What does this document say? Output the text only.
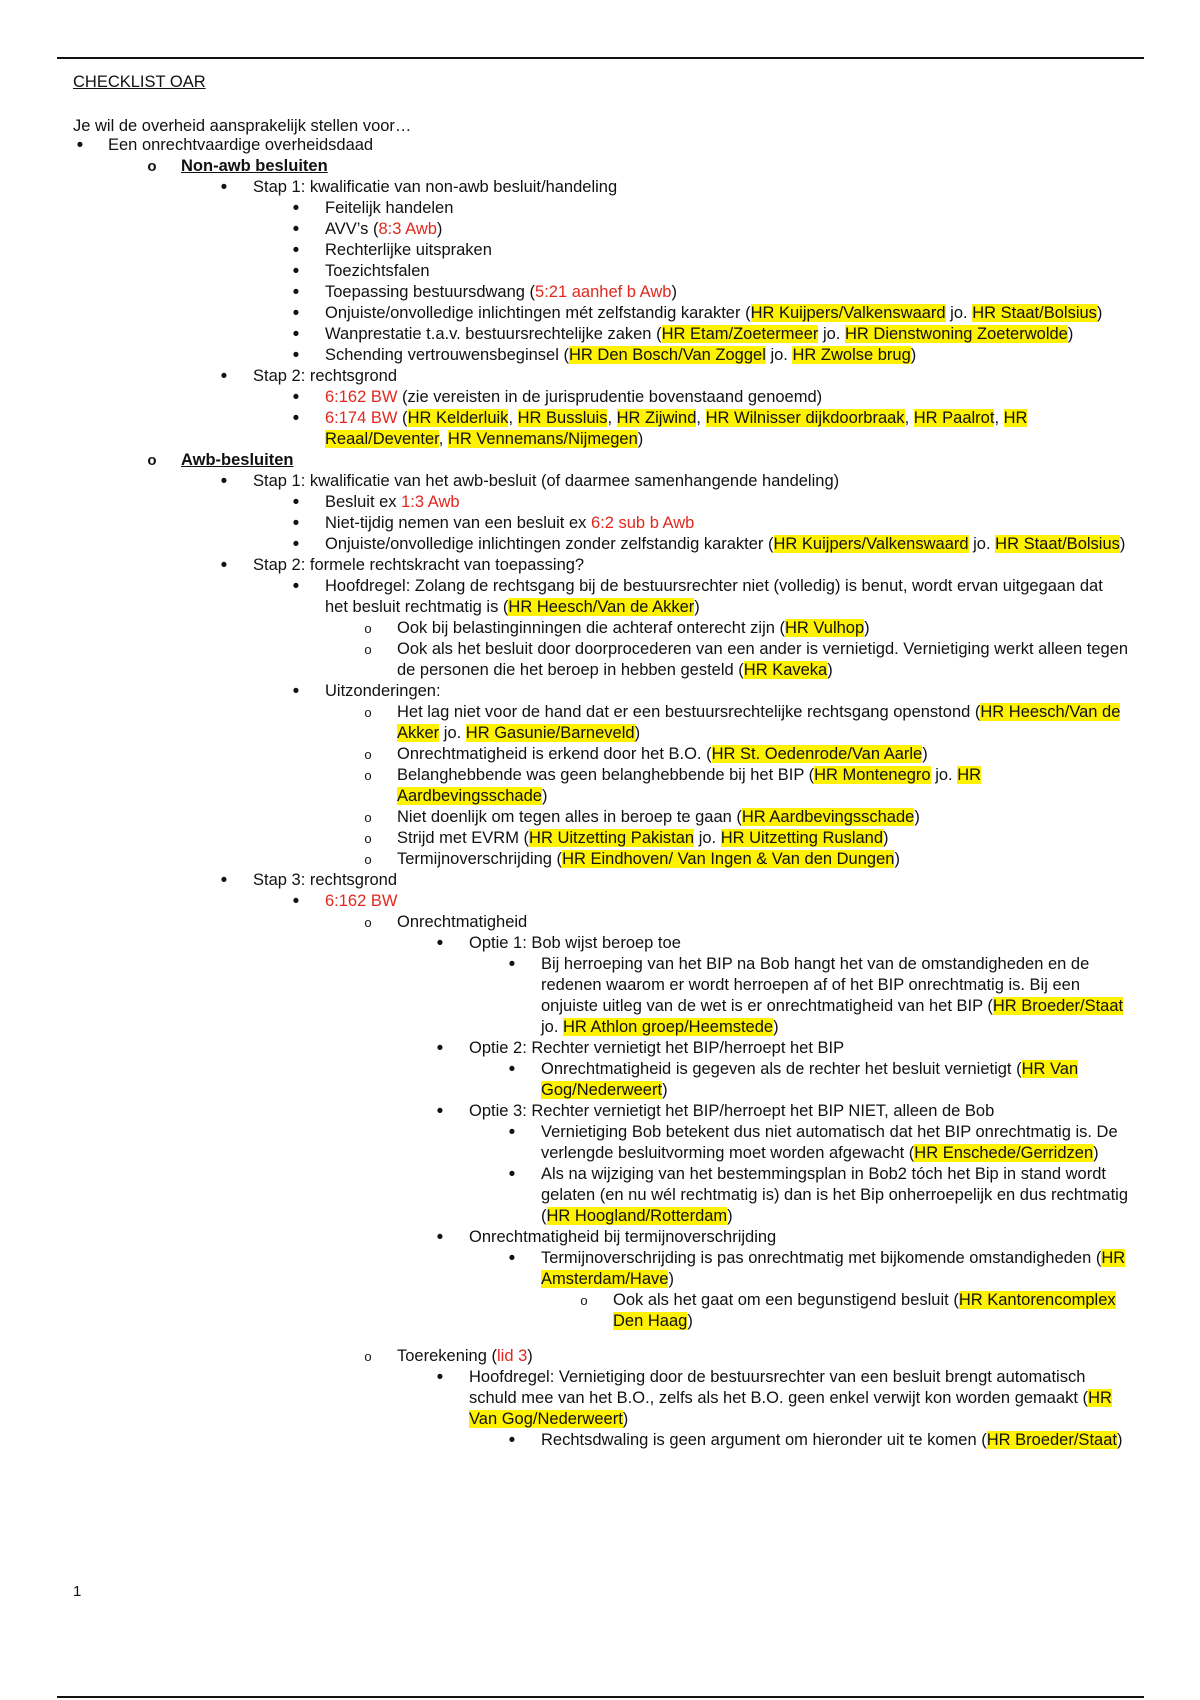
CHECKLIST OAR
Je wil de overheid aansprakelijk stellen voor…
•
Een onrechtvaardige overheidsdaad
o
Non-awb besluiten
•
Stap 1: kwalificatie van non-awb besluit/handeling
•
Feitelijk handelen
•
AVV’s (8:3 Awb)
•
Rechterlijke uitspraken
•
Toezichtsfalen
•
Toepassing bestuursdwang (5:21 aanhef b Awb)
•
Onjuiste/onvolledige inlichtingen mét zelfstandig karakter (HR Kuijpers/Valkenswaard jo. HR Staat/Bolsius)
•
Wanprestatie t.a.v. bestuursrechtelijke zaken (HR Etam/Zoetermeer jo. HR Dienstwoning Zoeterwolde)
•
Schending vertrouwensbeginsel (HR Den Bosch/Van Zoggel jo. HR Zwolse brug)
•
Stap 2: rechtsgrond
•
6:162 BW (zie vereisten in de jurisprudentie bovenstaand genoemd)
•
6:174 BW (HR Kelderluik, HR Bussluis, HR Zijwind, HR Wilnisser dijkdoorbraak, HR Paalrot, HR Reaal/Deventer, HR Vennemans/Nijmegen)
o
Awb-besluiten
•
Stap 1: kwalificatie van het awb-besluit (of daarmee samenhangende handeling)
•
Besluit ex 1:3 Awb
•
Niet-tijdig nemen van een besluit ex 6:2 sub b Awb
•
Onjuiste/onvolledige inlichtingen zonder zelfstandig karakter (HR Kuijpers/Valkenswaard jo. HR Staat/Bolsius)
•
Stap 2: formele rechtskracht van toepassing?
•
Hoofdregel: Zolang de rechtsgang bij de bestuursrechter niet (volledig) is benut, wordt ervan uitgegaan dat het besluit rechtmatig is (HR Heesch/Van de Akker)
o
Ook bij belastinginningen die achteraf onterecht zijn (HR Vulhop)
o
Ook als het besluit door doorprocederen van een ander is vernietigd. Vernietiging werkt alleen tegen de personen die het beroep in hebben gesteld (HR Kaveka)
•
Uitzonderingen:
o
Het lag niet voor de hand dat er een bestuursrechtelijke rechtsgang openstond (HR Heesch/Van de Akker jo. HR Gasunie/Barneveld)
o
Onrechtmatigheid is erkend door het B.O. (HR St. Oedenrode/Van Aarle)
o
Belanghebbende was geen belanghebbende bij het BIP (HR Montenegro jo. HR Aardbevingsschade)
o
Niet doenlijk om tegen alles in beroep te gaan (HR Aardbevingsschade)
o
Strijd met EVRM (HR Uitzetting Pakistan jo. HR Uitzetting Rusland)
o
Termijnoverschrijding (HR Eindhoven/ Van Ingen & Van den Dungen)
•
Stap 3: rechtsgrond
•
6:162 BW
o
Onrechtmatigheid
•
Optie 1: Bob wijst beroep toe
•
Bij herroeping van het BIP na Bob hangt het van de omstandigheden en de redenen waarom er wordt herroepen af of het BIP onrechtmatig is. Bij een onjuiste uitleg van de wet is er onrechtmatigheid van het BIP (HR Broeder/Staat jo. HR Athlon groep/Heemstede)
•
Optie 2: Rechter vernietigt het BIP/herroept het BIP
•
Onrechtmatigheid is gegeven als de rechter het besluit vernietigt (HR Van Gog/Nederweert)
•
Optie 3: Rechter vernietigt het BIP/herroept het BIP NIET, alleen de Bob
•
Vernietiging Bob betekent dus niet automatisch dat het BIP onrechtmatig is. De verlengde besluitvorming moet worden afgewacht (HR Enschede/Gerridzen)
•
Als na wijziging van het bestemmingsplan in Bob2 tóch het Bip in stand wordt gelaten (en nu wél rechtmatig is) dan is het Bip onherroepelijk en dus rechtmatig (HR Hoogland/Rotterdam)
•
Onrechtmatigheid bij termijnoverschrijding
•
Termijnoverschrijding is pas onrechtmatig met bijkomende omstandigheden (HR Amsterdam/Have)
o
Ook als het gaat om een begunstigend besluit (HR Kantorencomplex Den Haag)
o
Toerekening (lid 3)
•
Hoofdregel: Vernietiging door de bestuursrechter van een besluit brengt automatisch schuld mee van het B.O., zelfs als het B.O. geen enkel verwijt kon worden gemaakt (HR Van Gog/Nederweert)
•
Rechtsdwaling is geen argument om hieronder uit te komen (HR Broeder/Staat)
1
